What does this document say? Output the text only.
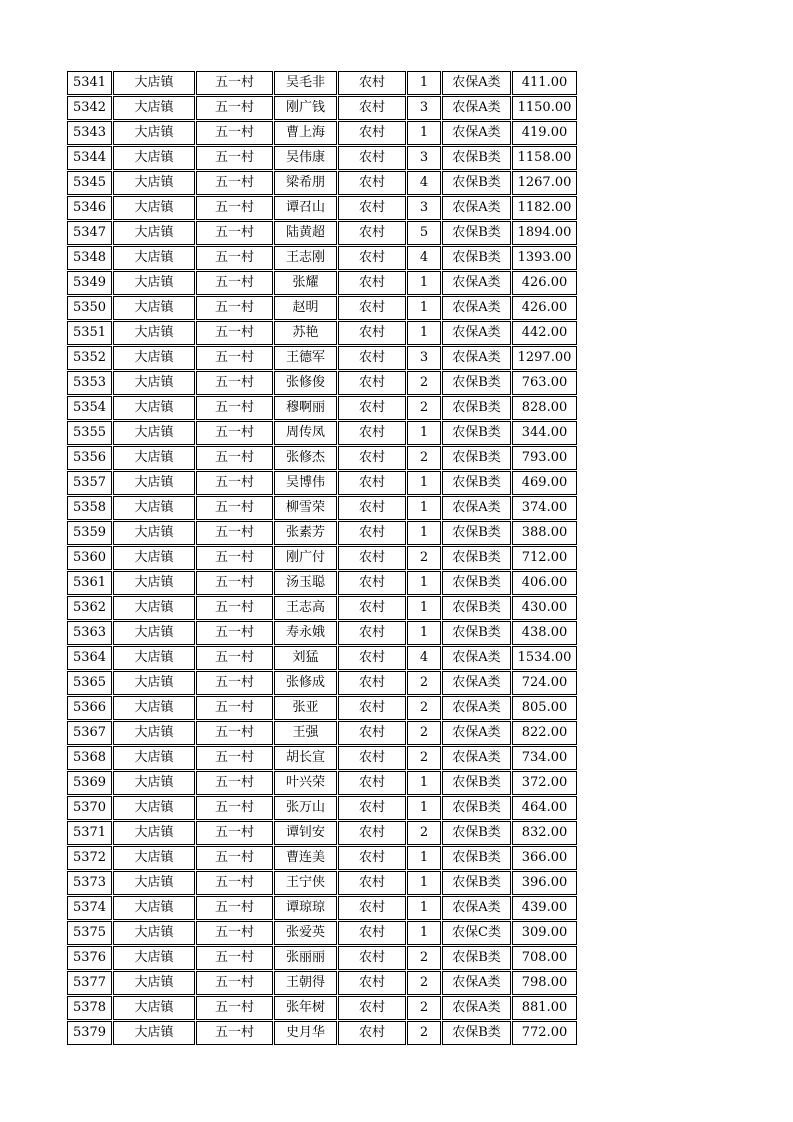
5341	大店镇	五一村	吴毛非	农村	1	农保A类	411.00
5342	大店镇	五一村	刚广钱	农村	3	农保A类	1150.00
5343	大店镇	五一村	曹上海	农村	1	农保A类	419.00
5344	大店镇	五一村	吴伟康	农村	3	农保B类	1158.00
5345	大店镇	五一村	梁希朋	农村	4	农保B类	1267.00
5346	大店镇	五一村	谭召山	农村	3	农保A类	1182.00
5347	大店镇	五一村	陆黄超	农村	5	农保B类	1894.00
5348	大店镇	五一村	王志刚	农村	4	农保B类	1393.00
5349	大店镇	五一村	张耀	农村	1	农保A类	426.00
5350	大店镇	五一村	赵明	农村	1	农保A类	426.00
5351	大店镇	五一村	苏艳	农村	1	农保A类	442.00
5352	大店镇	五一村	王德军	农村	3	农保A类	1297.00
5353	大店镇	五一村	张修俊	农村	2	农保B类	763.00
5354	大店镇	五一村	穆啊丽	农村	2	农保B类	828.00
5355	大店镇	五一村	周传凤	农村	1	农保B类	344.00
5356	大店镇	五一村	张修杰	农村	2	农保B类	793.00
5357	大店镇	五一村	吴博伟	农村	1	农保B类	469.00
5358	大店镇	五一村	柳雪荣	农村	1	农保A类	374.00
5359	大店镇	五一村	张素芳	农村	1	农保B类	388.00
5360	大店镇	五一村	刚广付	农村	2	农保B类	712.00
5361	大店镇	五一村	汤玉聪	农村	1	农保B类	406.00
5362	大店镇	五一村	王志高	农村	1	农保B类	430.00
5363	大店镇	五一村	寿永娥	农村	1	农保B类	438.00
5364	大店镇	五一村	刘猛	农村	4	农保A类	1534.00
5365	大店镇	五一村	张修成	农村	2	农保A类	724.00
5366	大店镇	五一村	张亚	农村	2	农保A类	805.00
5367	大店镇	五一村	王强	农村	2	农保A类	822.00
5368	大店镇	五一村	胡长宣	农村	2	农保A类	734.00
5369	大店镇	五一村	叶兴荣	农村	1	农保B类	372.00
5370	大店镇	五一村	张万山	农村	1	农保B类	464.00
5371	大店镇	五一村	谭钊安	农村	2	农保B类	832.00
5372	大店镇	五一村	曹连美	农村	1	农保B类	366.00
5373	大店镇	五一村	王宁侠	农村	1	农保B类	396.00
5374	大店镇	五一村	谭琼琼	农村	1	农保A类	439.00
5375	大店镇	五一村	张爱英	农村	1	农保C类	309.00
5376	大店镇	五一村	张丽丽	农村	2	农保B类	708.00
5377	大店镇	五一村	王朝得	农村	2	农保A类	798.00
5378	大店镇	五一村	张年树	农村	2	农保A类	881.00
5379	大店镇	五一村	史月华	农村	2	农保B类	772.00
